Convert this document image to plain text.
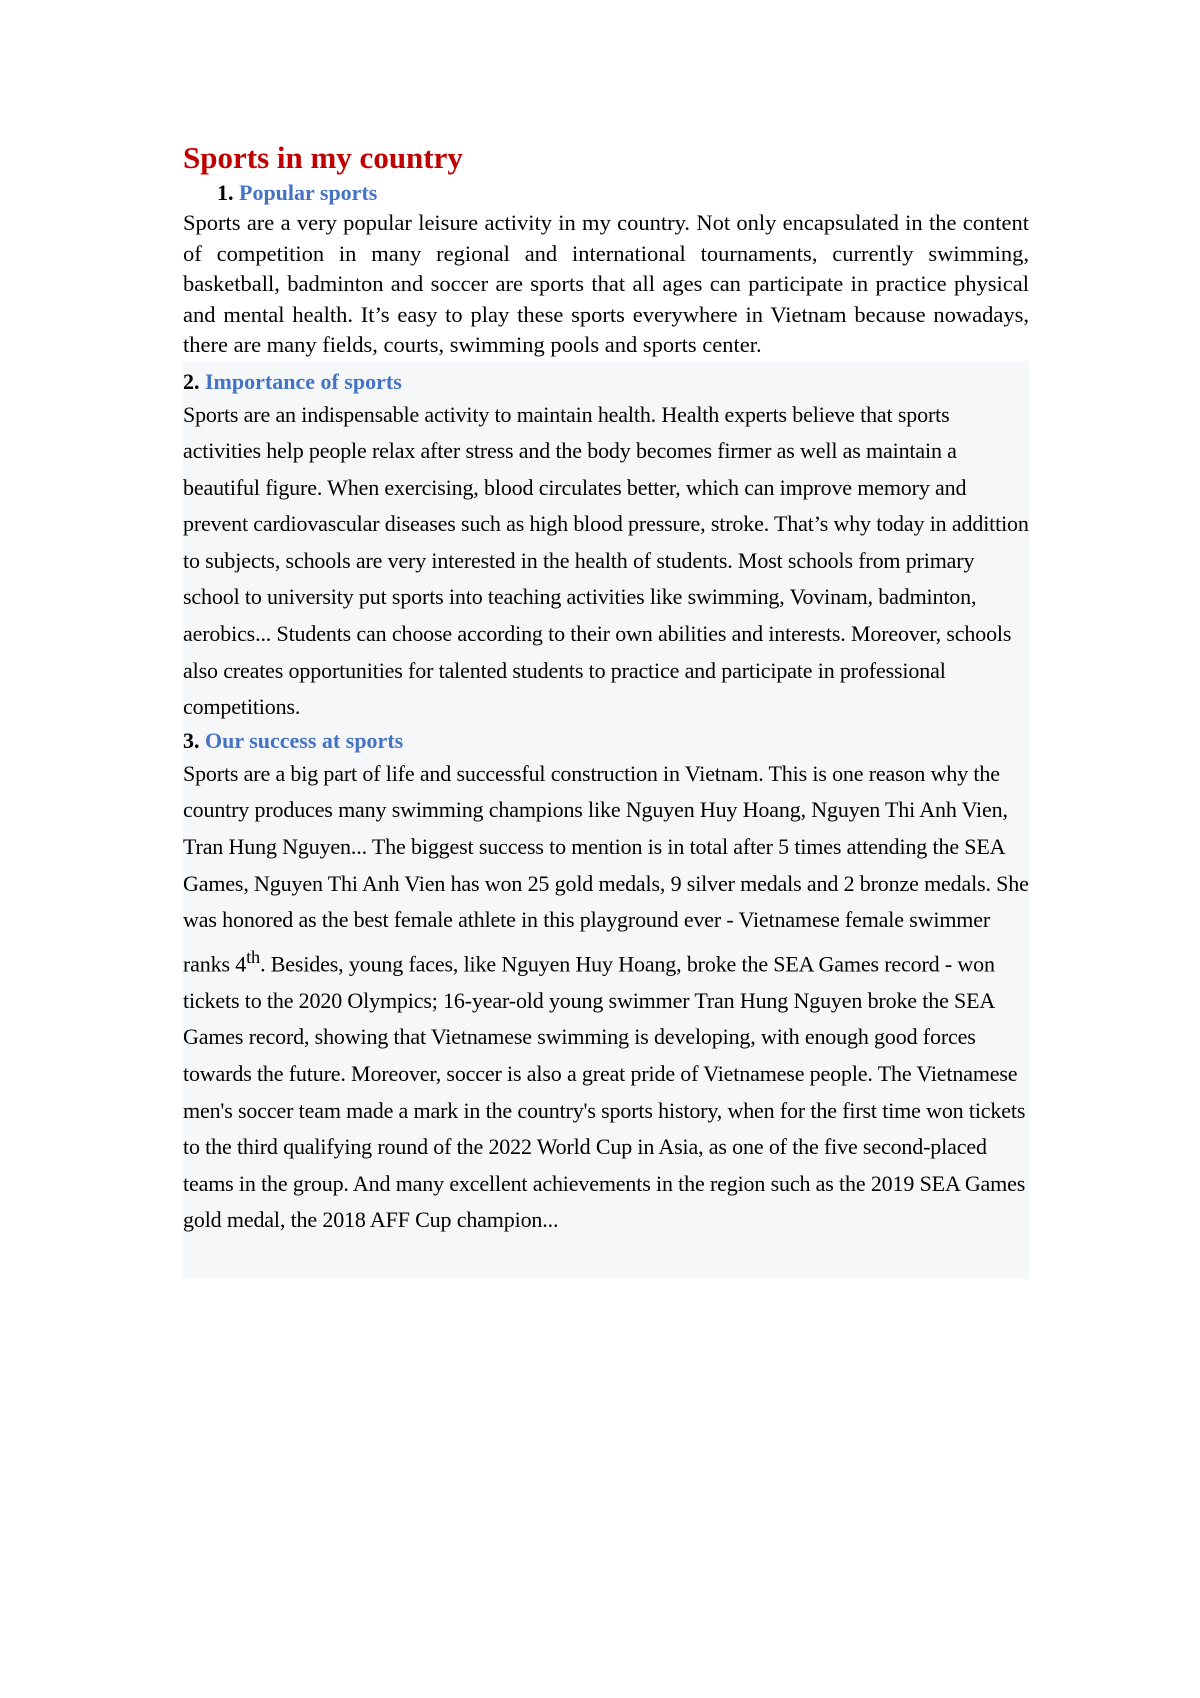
Sports in my country
1. Popular sports

Sports are a very popular leisure activity in my country. Not only encapsulated in the content of competition in many regional and international tournaments, currently swimming, basketball, badminton and soccer are sports that all ages can participate in practice physical and mental health. It’s easy to play these sports everywhere in Vietnam because nowadays, there are many fields, courts, swimming pools and sports center.

2. Importance of sports

Sports are an indispensable activity to maintain health. Health experts believe that sports activities help people relax after stress and the body becomes firmer as well as maintain a beautiful figure. When exercising, blood circulates better, which can improve memory and prevent cardiovascular diseases such as high blood pressure, stroke. That’s why today in addittion to subjects, schools are very interested in the health of students. Most schools from primary school to university put sports into teaching activities like swimming, Vovinam, badminton, aerobics... Students can choose according to their own abilities and interests. Moreover, schools also creates opportunities for talented students to practice and participate in professional competitions.

3. Our success at sports

Sports are a big part of life and successful construction in Vietnam. This is one reason why the country produces many swimming champions like Nguyen Huy Hoang, Nguyen Thi Anh Vien, Tran Hung Nguyen... The biggest success to mention is in total after 5 times attending the SEA Games, Nguyen Thi Anh Vien has won 25 gold medals, 9 silver medals and 2 bronze medals. She was honored as the best female athlete in this playground ever - Vietnamese female swimmer ranks 4th. Besides, young faces, like Nguyen Huy Hoang, broke the SEA Games record - won tickets to the 2020 Olympics; 16-year-old young swimmer Tran Hung Nguyen broke the SEA Games record, showing that Vietnamese swimming is developing, with enough good forces towards the future. Moreover, soccer is also a great pride of Vietnamese people. The Vietnamese men's soccer team made a mark in the country's sports history, when for the first time won tickets to the third qualifying round of the 2022 World Cup in Asia, as one of the five second-placed teams in the group. And many excellent achievements in the region such as the 2019 SEA Games gold medal, the 2018 AFF Cup champion...
